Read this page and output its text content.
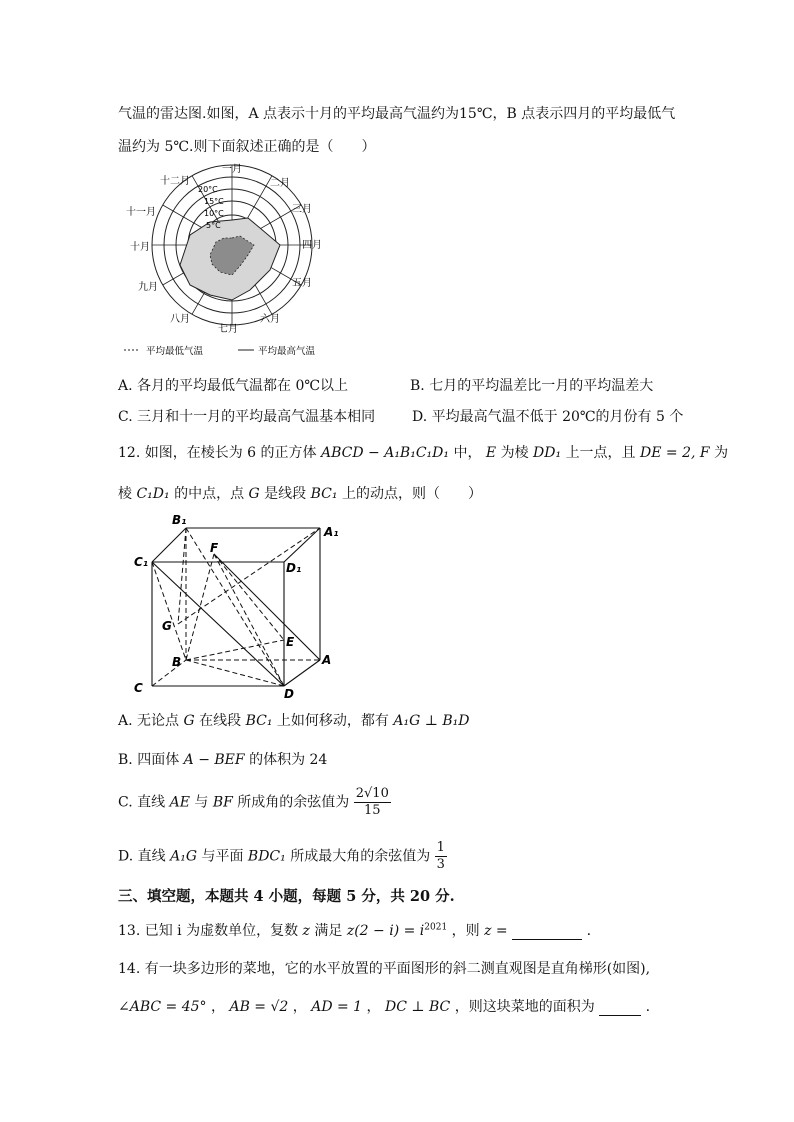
气温的雷达图.如图，A 点表示十月的平均最高气温约为15℃，B 点表示四月的平均最低气
温约为 5℃.则下面叙述正确的是（　　）
一月
二月
三月
四月
五月
六月
七月
八月
九月
十月
十一月
十二月
20°C
15°C
10°C
5°C
平均最低气温	平均最高气温
A. 各月的平均最低气温都在 0℃以上	B. 七月的平均温差比一月的平均温差大
C. 三月和十一月的平均最高气温基本相同	D. 平均最高气温不低于 20℃的月份有 5 个
12. 如图，在棱长为 6 的正方体 ABCD − A₁B₁C₁D₁ 中， E 为棱 DD₁ 上一点，且 DE = 2, F 为
棱 C₁D₁ 的中点，点 G 是线段 BC₁ 上的动点，则（　　）
B₁
A₁
F
C₁	D₁
G
E
B	A
C	D
A. 无论点 G 在线段 BC₁ 上如何移动，都有 A₁G ⊥ B₁D
B. 四面体 A − BEF 的体积为 24
C. 直线 AE 与 BF 所成角的余弦值为 $\frac{2√10}{15}$
D. 直线 A₁G 与平面 BDC₁ 所成最大角的余弦值为 $\frac{1}{3}$
三、填空题，本题共 4 小题，每题 5 分，共 20 分.
13. 已知 i 为虚数单位，复数 z 满足 $z(2 - i) = i^{2021}$ ，则 z =	.
14. 有一块多边形的菜地，它的水平放置的平面图形的斜二测直观图是直角梯形(如图),
∠ABC = 45° ， AB = √2 ， AD = 1 ， DC ⊥ BC ，则这块菜地的面积为	.
